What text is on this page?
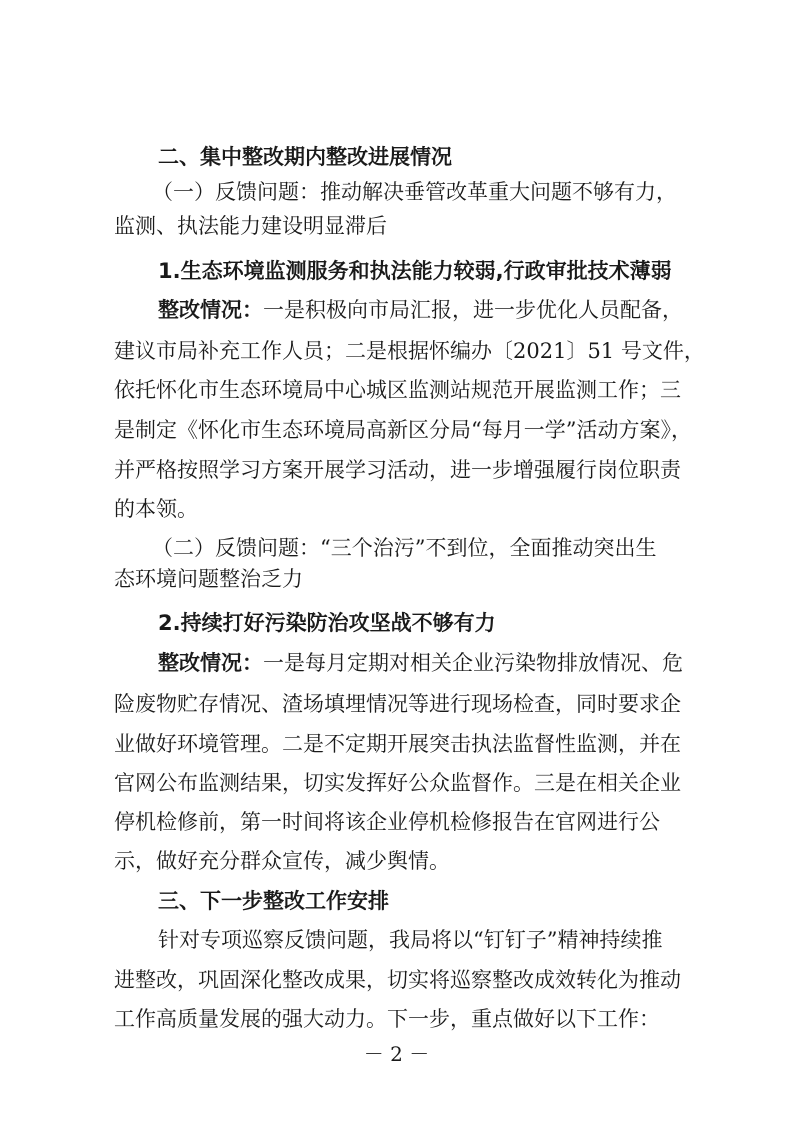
二、集中整改期内整改进展情况
（一）反馈问题：推动解决垂管改革重大问题不够有力，
监测、执法能力建设明显滞后
1.生态环境监测服务和执法能力较弱,行政审批技术薄弱
整改情况：一是积极向市局汇报，进一步优化人员配备，
建议市局补充工作人员；二是根据怀编办〔2021〕51 号文件，
依托怀化市生态环境局中心城区监测站规范开展监测工作；三
是制定《怀化市生态环境局高新区分局“每月一学”活动方案》，
并严格按照学习方案开展学习活动，进一步增强履行岗位职责
的本领。
（二）反馈问题：“三个治污”不到位，全面推动突出生
态环境问题整治乏力
2.持续打好污染防治攻坚战不够有力
整改情况：一是每月定期对相关企业污染物排放情况、危
险废物贮存情况、渣场填埋情况等进行现场检查，同时要求企
业做好环境管理。二是不定期开展突击执法监督性监测，并在
官网公布监测结果，切实发挥好公众监督作。三是在相关企业
停机检修前，第一时间将该企业停机检修报告在官网进行公
示，做好充分群众宣传，减少舆情。
三、下一步整改工作安排
针对专项巡察反馈问题，我局将以“钉钉子”精神持续推
进整改，巩固深化整改成果，切实将巡察整改成效转化为推动
工作高质量发展的强大动力。下一步，重点做好以下工作：
－ 2 －
